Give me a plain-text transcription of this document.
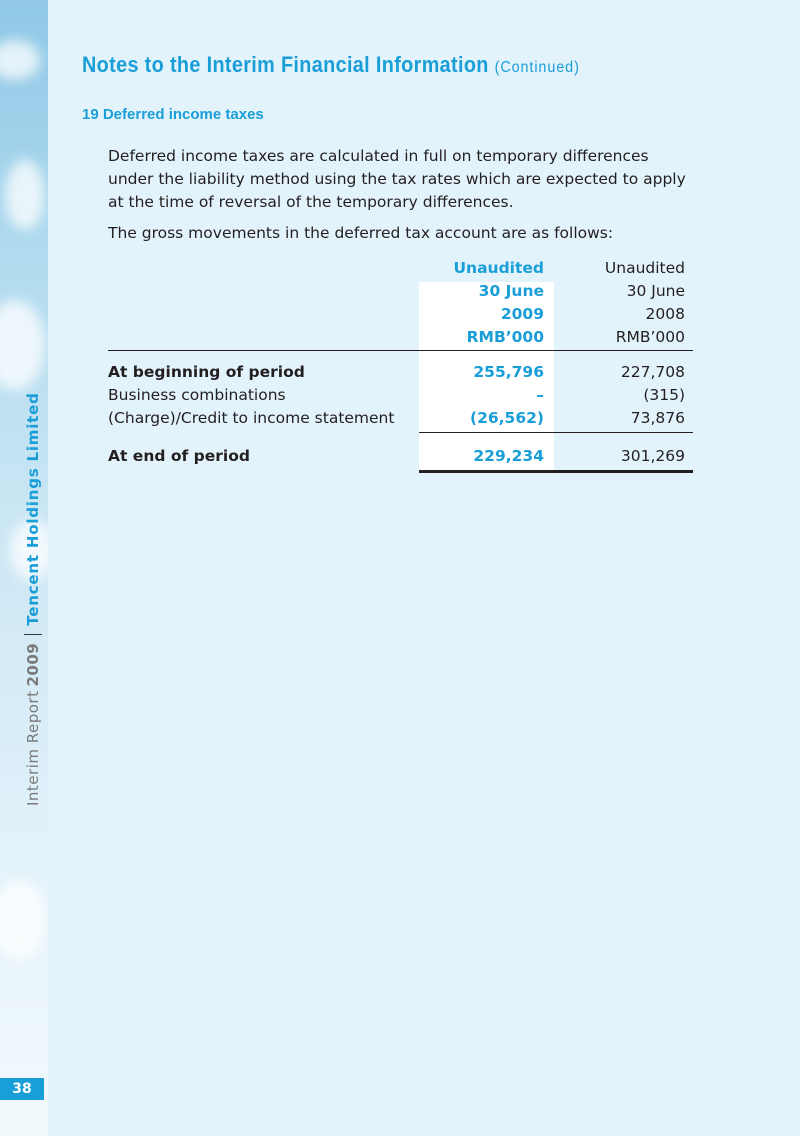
Interim Report
2009
Tencent Holdings Limited
38
Notes to the Interim Financial Information (Continued)
19 Deferred income taxes

Deferred income taxes are calculated in full on temporary differences under the liability method using the tax rates which are expected to apply at the time of reversal of the temporary differences.

The gross movements in the deferred tax account are as follows:

Unaudited
30 June
2009
RMB’000
Unaudited
30 June
2008
RMB’000
At beginning of period	255,796	227,708
Business combinations	–	(315)
(Charge)/Credit to income statement	(26,562)	73,876
At end of period	229,234	301,269
